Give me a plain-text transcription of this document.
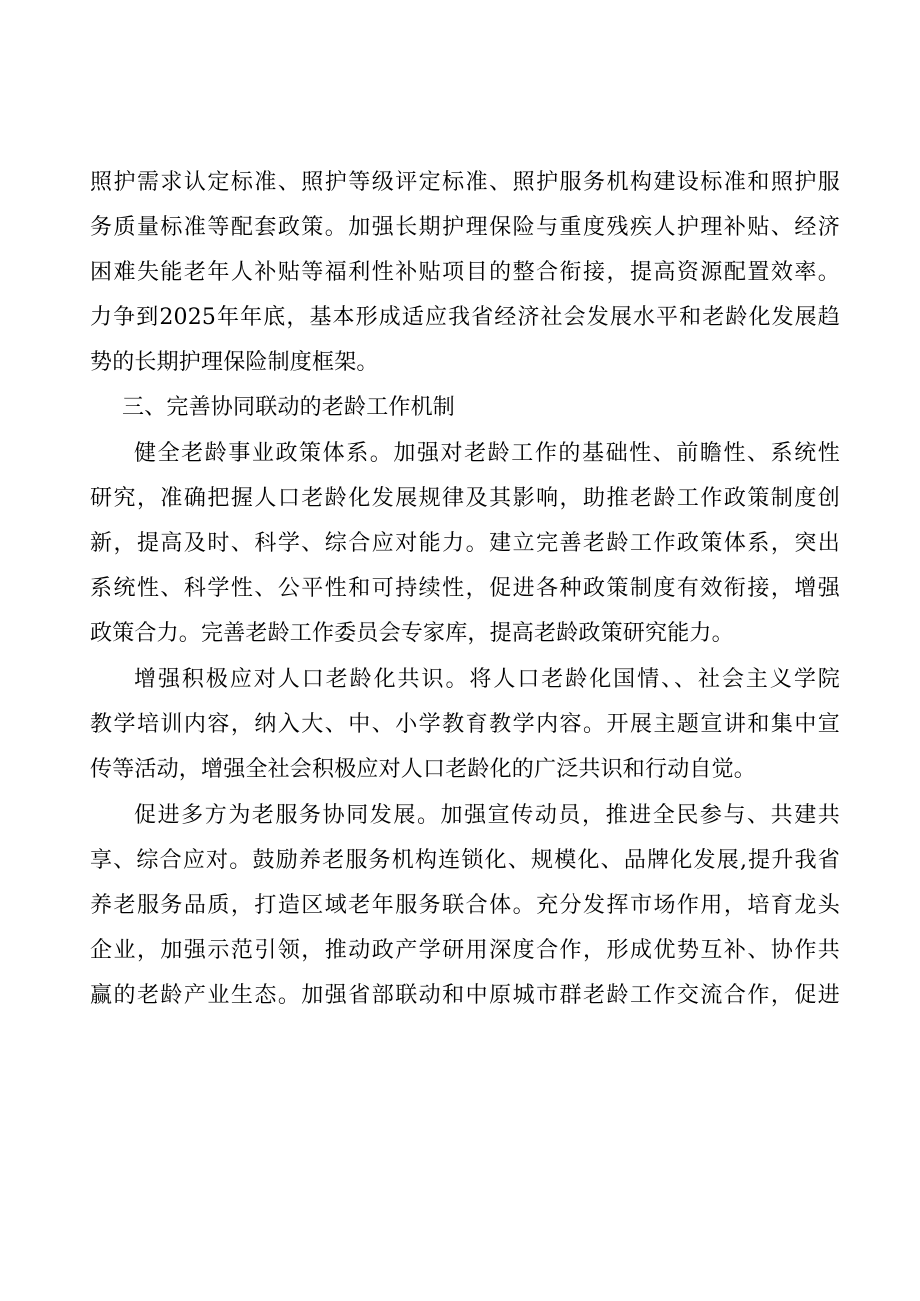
照护需求认定标准、照护等级评定标准、照护服务机构建设标准和照护服
务质量标准等配套政策。加强长期护理保险与重度残疾人护理补贴、经济
困难失能老年人补贴等福利性补贴项目的整合衔接，提高资源配置效率。
力争到2025年年底，基本形成适应我省经济社会发展水平和老龄化发展趋
势的长期护理保险制度框架。
三、完善协同联动的老龄工作机制
健全老龄事业政策体系。加强对老龄工作的基础性、前瞻性、系统性
研究，准确把握人口老龄化发展规律及其影响，助推老龄工作政策制度创
新，提高及时、科学、综合应对能力。建立完善老龄工作政策体系，突出
系统性、科学性、公平性和可持续性，促进各种政策制度有效衔接，增强
政策合力。完善老龄工作委员会专家库，提高老龄政策研究能力。
增强积极应对人口老龄化共识。将人口老龄化国情、、社会主义学院
教学培训内容，纳入大、中、小学教育教学内容。开展主题宣讲和集中宣
传等活动，增强全社会积极应对人口老龄化的广泛共识和行动自觉。
促进多方为老服务协同发展。加强宣传动员，推进全民参与、共建共
享、综合应对。鼓励养老服务机构连锁化、规模化、品牌化发展,提升我省
养老服务品质，打造区域老年服务联合体。充分发挥市场作用，培育龙头
企业，加强示范引领，推动政产学研用深度合作，形成优势互补、协作共
赢的老龄产业生态。加强省部联动和中原城市群老龄工作交流合作，促进
